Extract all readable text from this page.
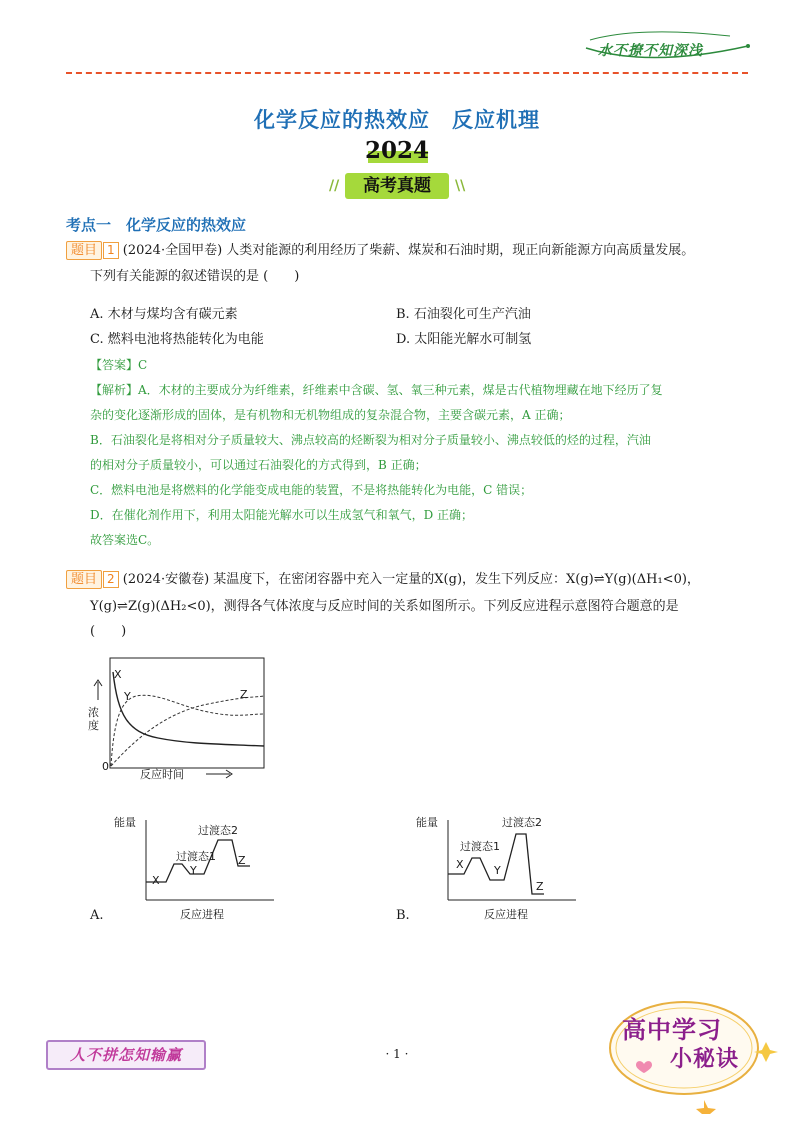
水不撩不知深浅
化学反应的热效应　反应机理
2024
//	高考真题	\\
考点一　化学反应的热效应
题目 1 (2024·全国甲卷) 人类对能源的利用经历了柴薪、煤炭和石油时期，现正向新能源方向高质量发展。
下列有关能源的叙述错误的是 (　　)
A. 木材与煤均含有碳元素	B. 石油裂化可生产汽油
C. 燃料电池将热能转化为电能	D. 太阳能光解水可制氢
【答案】C
【解析】A．木材的主要成分为纤维素，纤维素中含碳、氢、氧三种元素，煤是古代植物埋藏在地下经历了复
杂的变化逐渐形成的固体，是有机物和无机物组成的复杂混合物，主要含碳元素，A 正确；
B．石油裂化是将相对分子质量较大、沸点较高的烃断裂为相对分子质量较小、沸点较低的烃的过程，汽油
的相对分子质量较小，可以通过石油裂化的方式得到，B 正确；
C．燃料电池是将燃料的化学能变成电能的装置，不是将热能转化为电能，C 错误；
D．在催化剂作用下，利用太阳能光解水可以生成氢气和氧气，D 正确；
故答案选C。
题目 2 (2024·安徽卷) 某温度下，在密闭容器中充入一定量的X(g)，发生下列反应：X(g)⇌Y(g)(ΔH₁<0)，
Y(g)⇌Z(g)(ΔH₂<0)，测得各气体浓度与反应时间的关系如图所示。下列反应进程示意图符合题意的是
(　　)
X
Y	Z
浓度
0
反应时间
能量
过渡态1
过渡态2
X
Y
Z
反应进程
A.
能量
过渡态1
过渡态2
X	Y
Z
反应进程
B.
人不拼怎知输赢	· 1 ·
高中学习
小秘诀
